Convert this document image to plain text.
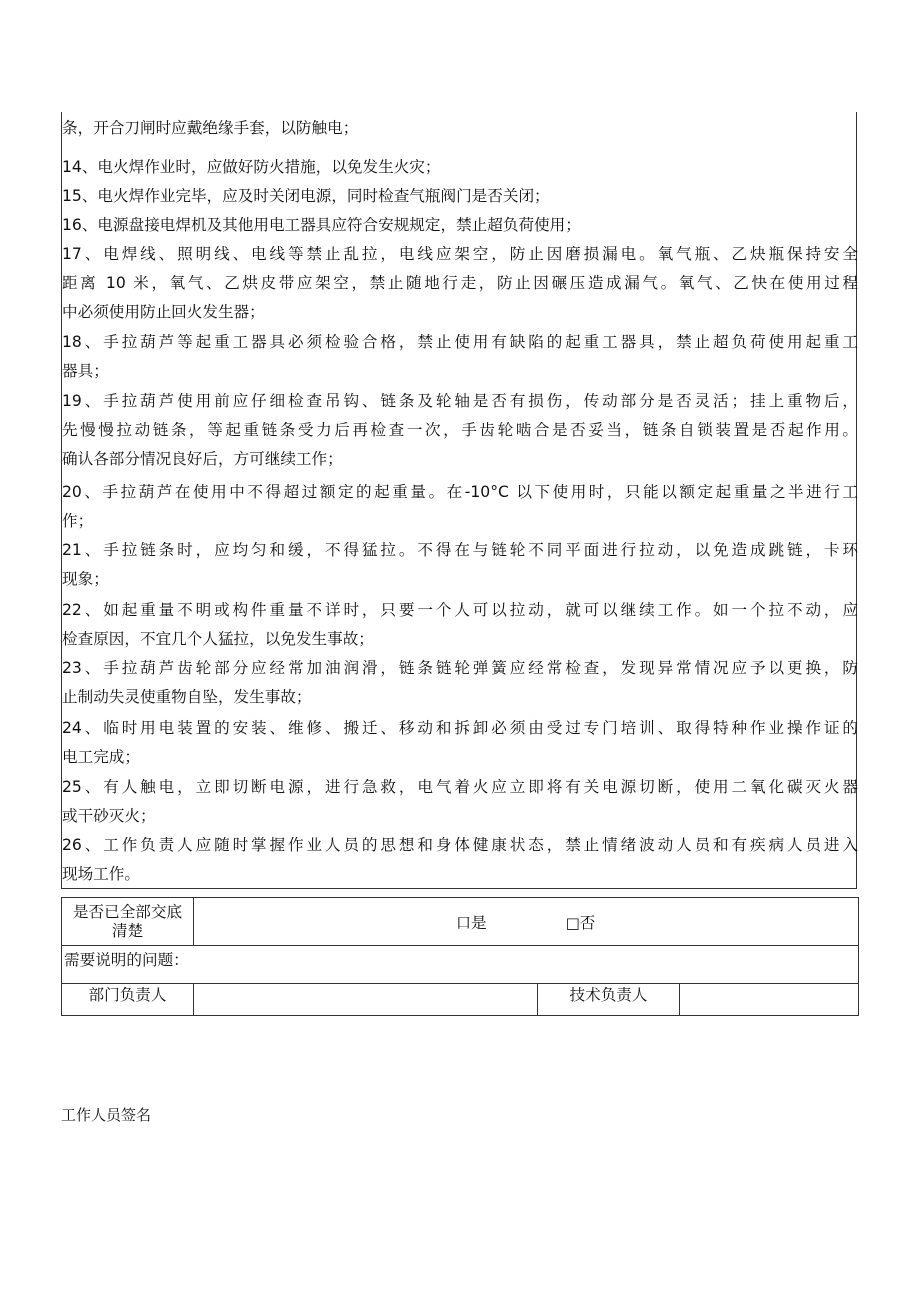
条，开合刀闸时应戴绝缘手套，以防触电；
14、电火焊作业时，应做好防火措施，以免发生火灾；
15、电火焊作业完毕，应及时关闭电源，同时检查气瓶阀门是否关闭；
16、电源盘接电焊机及其他用电工器具应符合安规规定，禁止超负荷使用；
17、电焊线、照明线、电线等禁止乱拉，电线应架空，防止因磨损漏电。氧气瓶、乙炔瓶保持安全
距离 10 米，氧气、乙烘皮带应架空，禁止随地行走，防止因碾压造成漏气。氧气、乙快在使用过程
中必须使用防止回火发生器；
18、手拉葫芦等起重工器具必须检验合格，禁止使用有缺陷的起重工器具，禁止超负荷使用起重工
器具；
19、手拉葫芦使用前应仔细检查吊钩、链条及轮轴是否有损伤，传动部分是否灵活；挂上重物后，
先慢慢拉动链条，等起重链条受力后再检查一次，手齿轮啮合是否妥当，链条自锁装置是否起作用。
确认各部分情况良好后，方可继续工作；
20、手拉葫芦在使用中不得超过额定的起重量。在-10°C 以下使用时，只能以额定起重量之半进行工
作；
21、手拉链条时，应均匀和缓，不得猛拉。不得在与链轮不同平面进行拉动，以免造成跳链，卡环
现象；
22、如起重量不明或构件重量不详时，只要一个人可以拉动，就可以继续工作。如一个拉不动，应
检查原因，不宜几个人猛拉，以免发生事故；
23、手拉葫芦齿轮部分应经常加油润滑，链条链轮弹簧应经常检查，发现异常情况应予以更换，防
止制动失灵使重物自坠，发生事故；
24、临时用电装置的安装、维修、搬迁、移动和拆卸必须由受过专门培训、取得特种作业操作证的
电工完成；
25、有人触电，立即切断电源，进行急救，电气着火应立即将有关电源切断，使用二氧化碳灭火器
或干砂灭火；
26、工作负责人应随时掌握作业人员的思想和身体健康状态，禁止情绪波动人员和有疾病人员进入
现场工作。
是否已全部交底
清楚	口是 □否		
需要说明的问题：			
部门负责人		技术负责人	
工作人员签名
